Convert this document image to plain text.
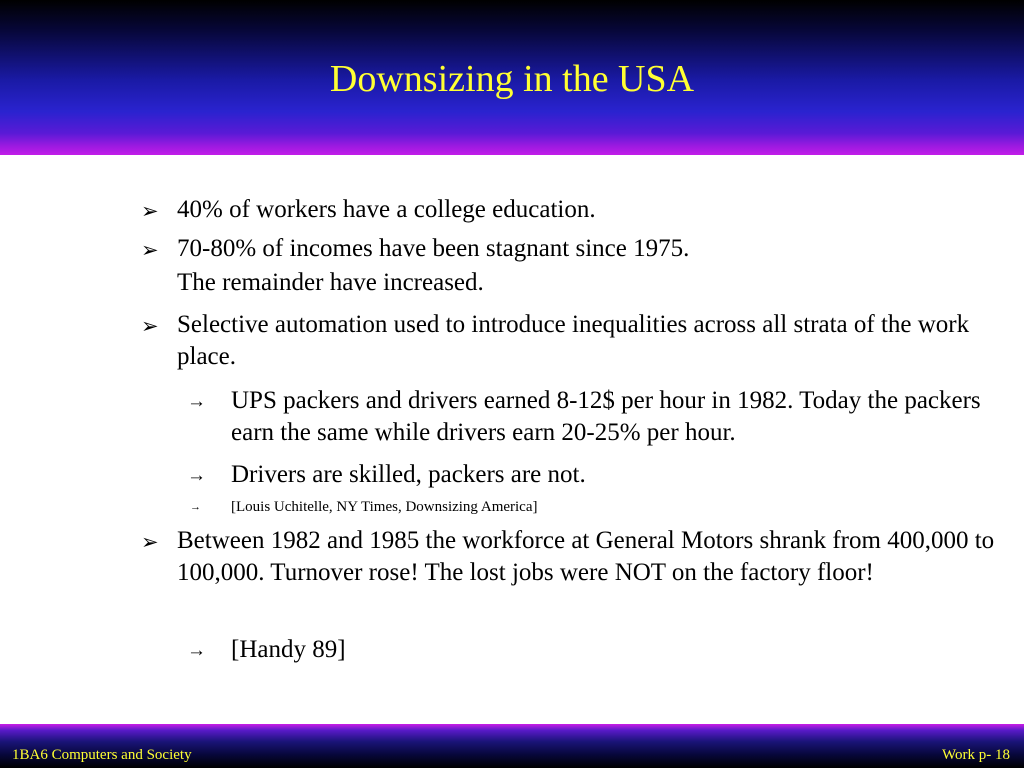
Downsizing in the USA
➢ 40% of workers have a college education.
➢ 70-80% of incomes have been stagnant since 1975.
The remainder have increased.
➢ Selective automation used to introduce inequalities across all strata of the work place.
→ UPS packers and drivers earned 8-12$ per hour in 1982. Today the packers earn the same while drivers earn 20-25% per hour.
→ Drivers are skilled, packers are not.
→ [Louis Uchitelle, NY Times, Downsizing America]
➢ Between 1982 and 1985 the workforce at General Motors shrank from 400,000 to 100,000. Turnover rose! The lost jobs were NOT on the factory floor!
→ [Handy 89]
1BA6 Computers and Society	Work p- 18
